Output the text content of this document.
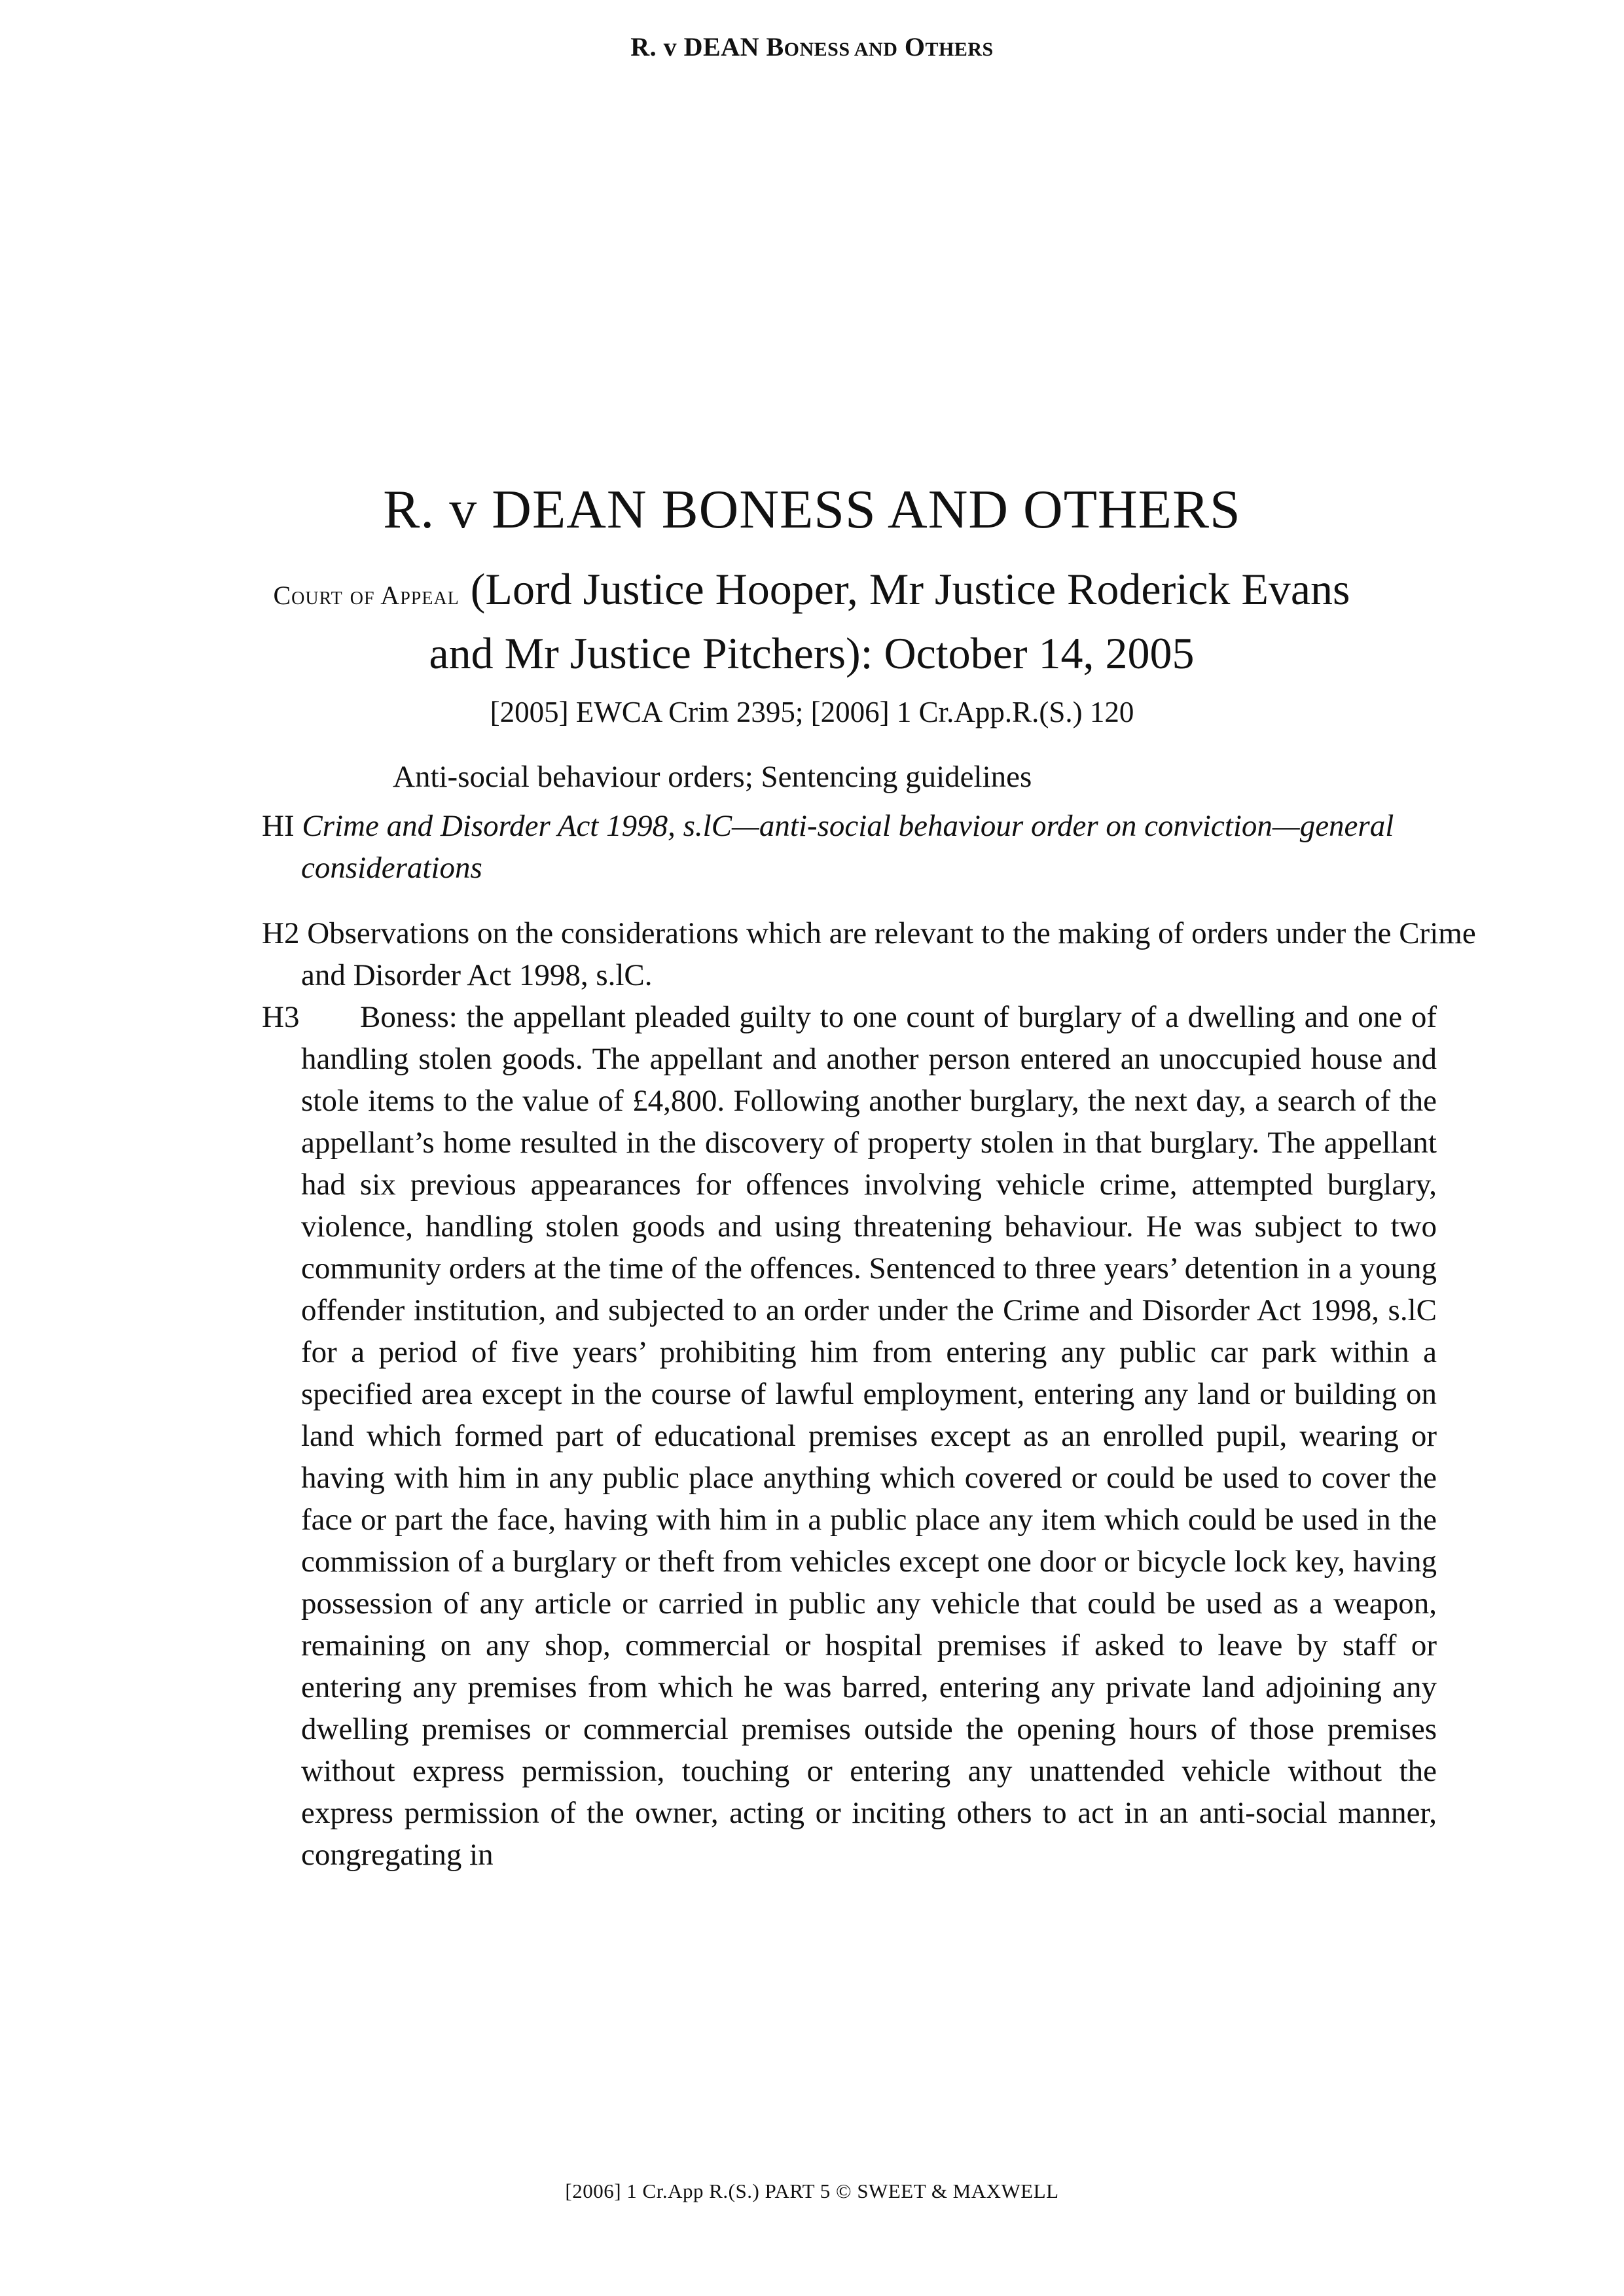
R. v DEAN BONESS AND OTHERS
R. v DEAN BONESS AND OTHERS
Court of Appeal (Lord Justice Hooper, Mr Justice Roderick Evans and Mr Justice Pitchers): October 14, 2005
[2005] EWCA Crim 2395; [2006] 1 Cr.App.R.(S.) 120
Anti-social behaviour orders; Sentencing guidelines
HI Crime and Disorder Act 1998, s.lC—anti-social behaviour order on conviction—general considerations
H2 Observations on the considerations which are relevant to the making of orders under the Crime and Disorder Act 1998, s.lC.
H3	Boness: the appellant pleaded guilty to one count of burglary of a dwelling and one of handling stolen goods. The appellant and another person entered an unoccupied house and stole items to the value of £4,800. Following another burglary, the next day, a search of the appellant’s home resulted in the discovery of property stolen in that burglary. The appellant had six previous appearances for offences involving vehicle crime, attempted burglary, violence, handling stolen goods and using threatening behaviour. He was subject to two community orders at the time of the offences. Sentenced to three years’ detention in a young offender institution, and subjected to an order under the Crime and Disorder Act 1998, s.lC for a period of five years’ prohibiting him from entering any public car park within a specified area except in the course of lawful employment, entering any land or building on land which formed part of educational premises except as an enrolled pupil, wearing or having with him in any public place anything which covered or could be used to cover the face or part the face, having with him in a public place any item which could be used in the commission of a burglary or theft from vehicles except one door or bicycle lock key, having possession of any article or carried in public any vehicle that could be used as a weapon, remaining on any shop, commercial or hospital premises if asked to leave by staff or entering any premises from which he was barred, entering any private land adjoining any dwelling premises or commercial premises outside the opening hours of those premises without express permission, touching or entering any unattended vehicle without the express permission of the owner, acting or inciting others to act in an anti-social manner, congregating in

[2006] 1 Cr.App R.(S.) PART 5 © SWEET & MAXWELL
